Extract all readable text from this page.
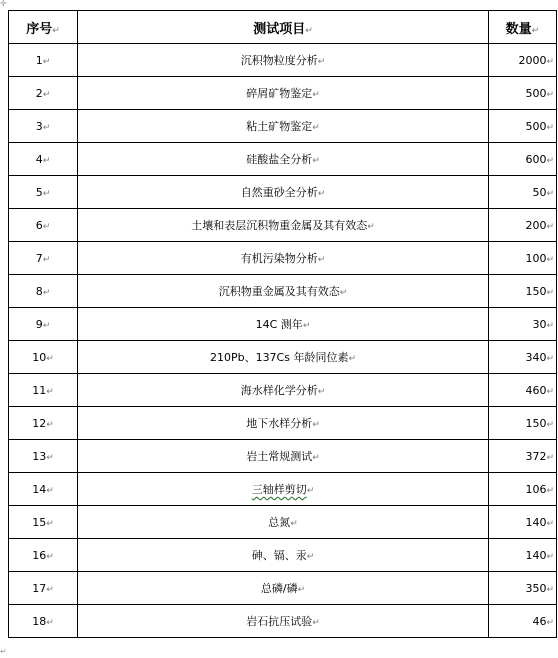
✛
序号↵	测试项目↵	数量↵
1↵	沉积物粒度分析↵	2000↵
2↵	碎屑矿物鉴定↵	500↵
3↵	粘土矿物鉴定↵	500↵
4↵	硅酸盐全分析↵	600↵
5↵	自然重砂全分析↵	50↵
6↵	土壤和表层沉积物重金属及其有效态↵	200↵
7↵	有机污染物分析↵	100↵
8↵	沉积物重金属及其有效态↵	150↵
9↵	14C 测年↵	30↵
10↵	210Pb、137Cs 年龄同位素↵	340↵
11↵	海水样化学分析↵	460↵
12↵	地下水样分析↵	150↵
13↵	岩土常规测试↵	372↵
14↵	三轴样剪切↵	106↵
15↵	总氮↵	140↵
16↵	砷、镉、汞↵	140↵
17↵	总磷/磷↵	350↵
18↵	岩石抗压试验↵	46↵
↵
